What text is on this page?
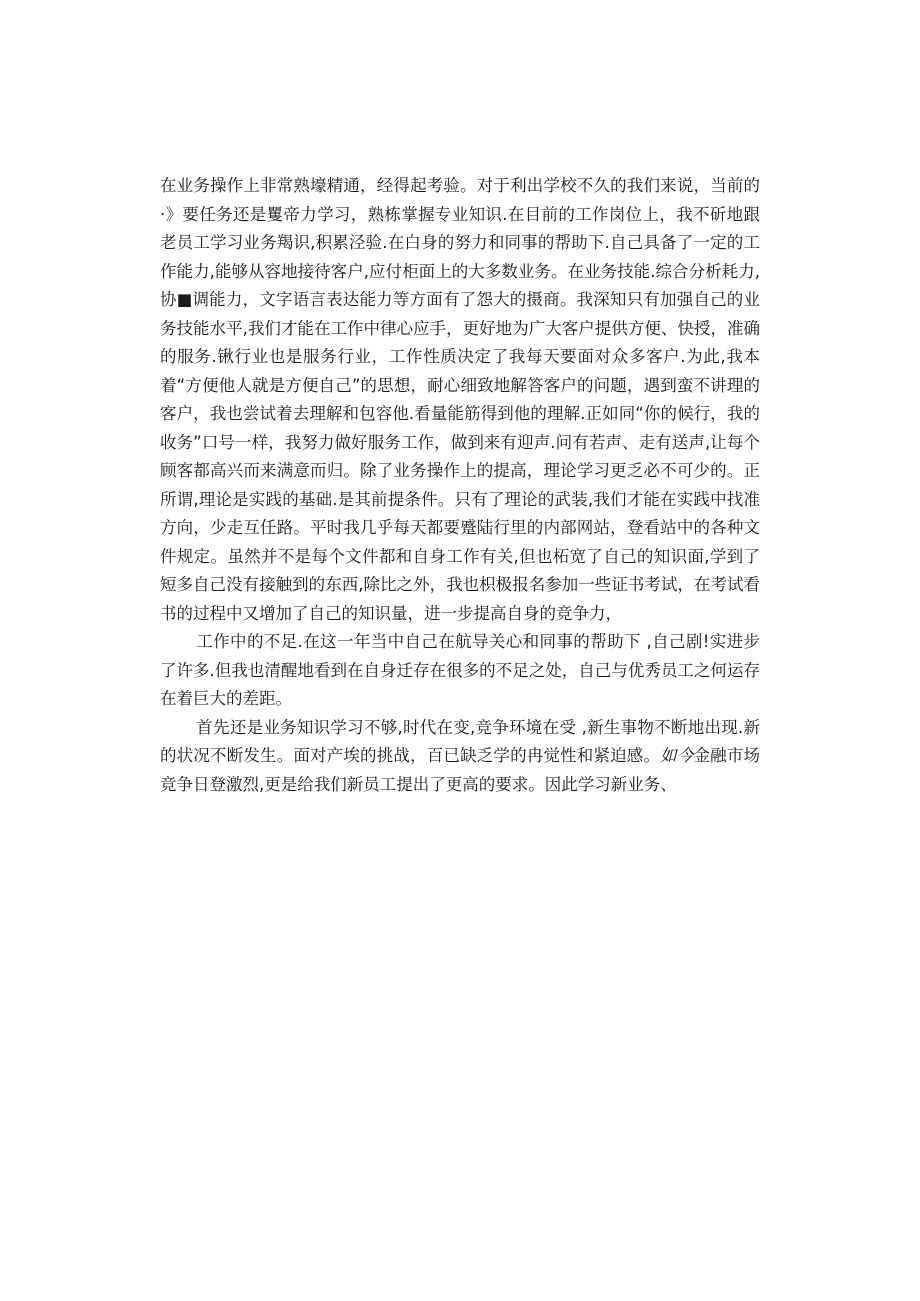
在业务操作上非常熟壕精通，经得起考验。对于利出学校不久的我们来说，当前的·》要任务还是矍帝力学习，熟栋掌握专业知识.在目前的工作岗位上，我不斫地跟老员工学习业务羯识,积累泾验.在白身的努力和同事的帮助下.自己具备了一定的工作能力,能够从容地接待客户,应付柜面上的大多数业务。在业务技能.综合分析耗力,协■调能力，文字语言表达能力等方面有了怨大的摄商。我深知只有加强自己的业务技能水平,我们才能在工作中律心应手，更好地为广大客户提供方便、快授，准确的服务.锹行业也是服务行业，工作性质决定了我每天要面对众多客户.为此,我本着“方便他人就是方便自己”的思想，耐心细致地解答客户的问题，遇到蛮不讲理的客户，我也尝试着去理解和包容他.看量能筋得到他的理解.正如同“你的候行，我的收务”口号一样，我努力做好服务工作，做到来有迎声.问有若声、走有送声,让每个顾客都高兴而来满意而归。除了业务操作上的提高，理论学习更乏必不可少的。正所谓,理论是实践的基础.是其前提条件。只有了理论的武装,我们才能在实践中找准方向，少走互任路。平时我几乎每天都要蹙陆行里的内部网站，登看站中的各种文件规定。虽然并不是每个文件都和自身工作有关,但也柘宽了自己的知识面,学到了短多自己没有接触到的东西,除比之外，我也枳极报名参加一些证书考试，在考试看书的过程中又增加了自己的知识量，进一步提高自身的竞争力，

工作中的不足.在这一年当中自己在航导关心和同事的帮助下 ,自己剧!实进步了许多.但我也清醒地看到在自身迁存在很多的不足之处，自己与优秀员工之何运存在着巨大的差距。

首先还是业务知识学习不够,时代在变,竞争环境在受 ,新生事物不断地出现.新的状况不断发生。面对产埃的挑战，百已缺乏学的冉觉性和紧迫感。如今金融市场竞争日登激烈,更是给我们新员工提出了更高的要求。因此学习新业务、
